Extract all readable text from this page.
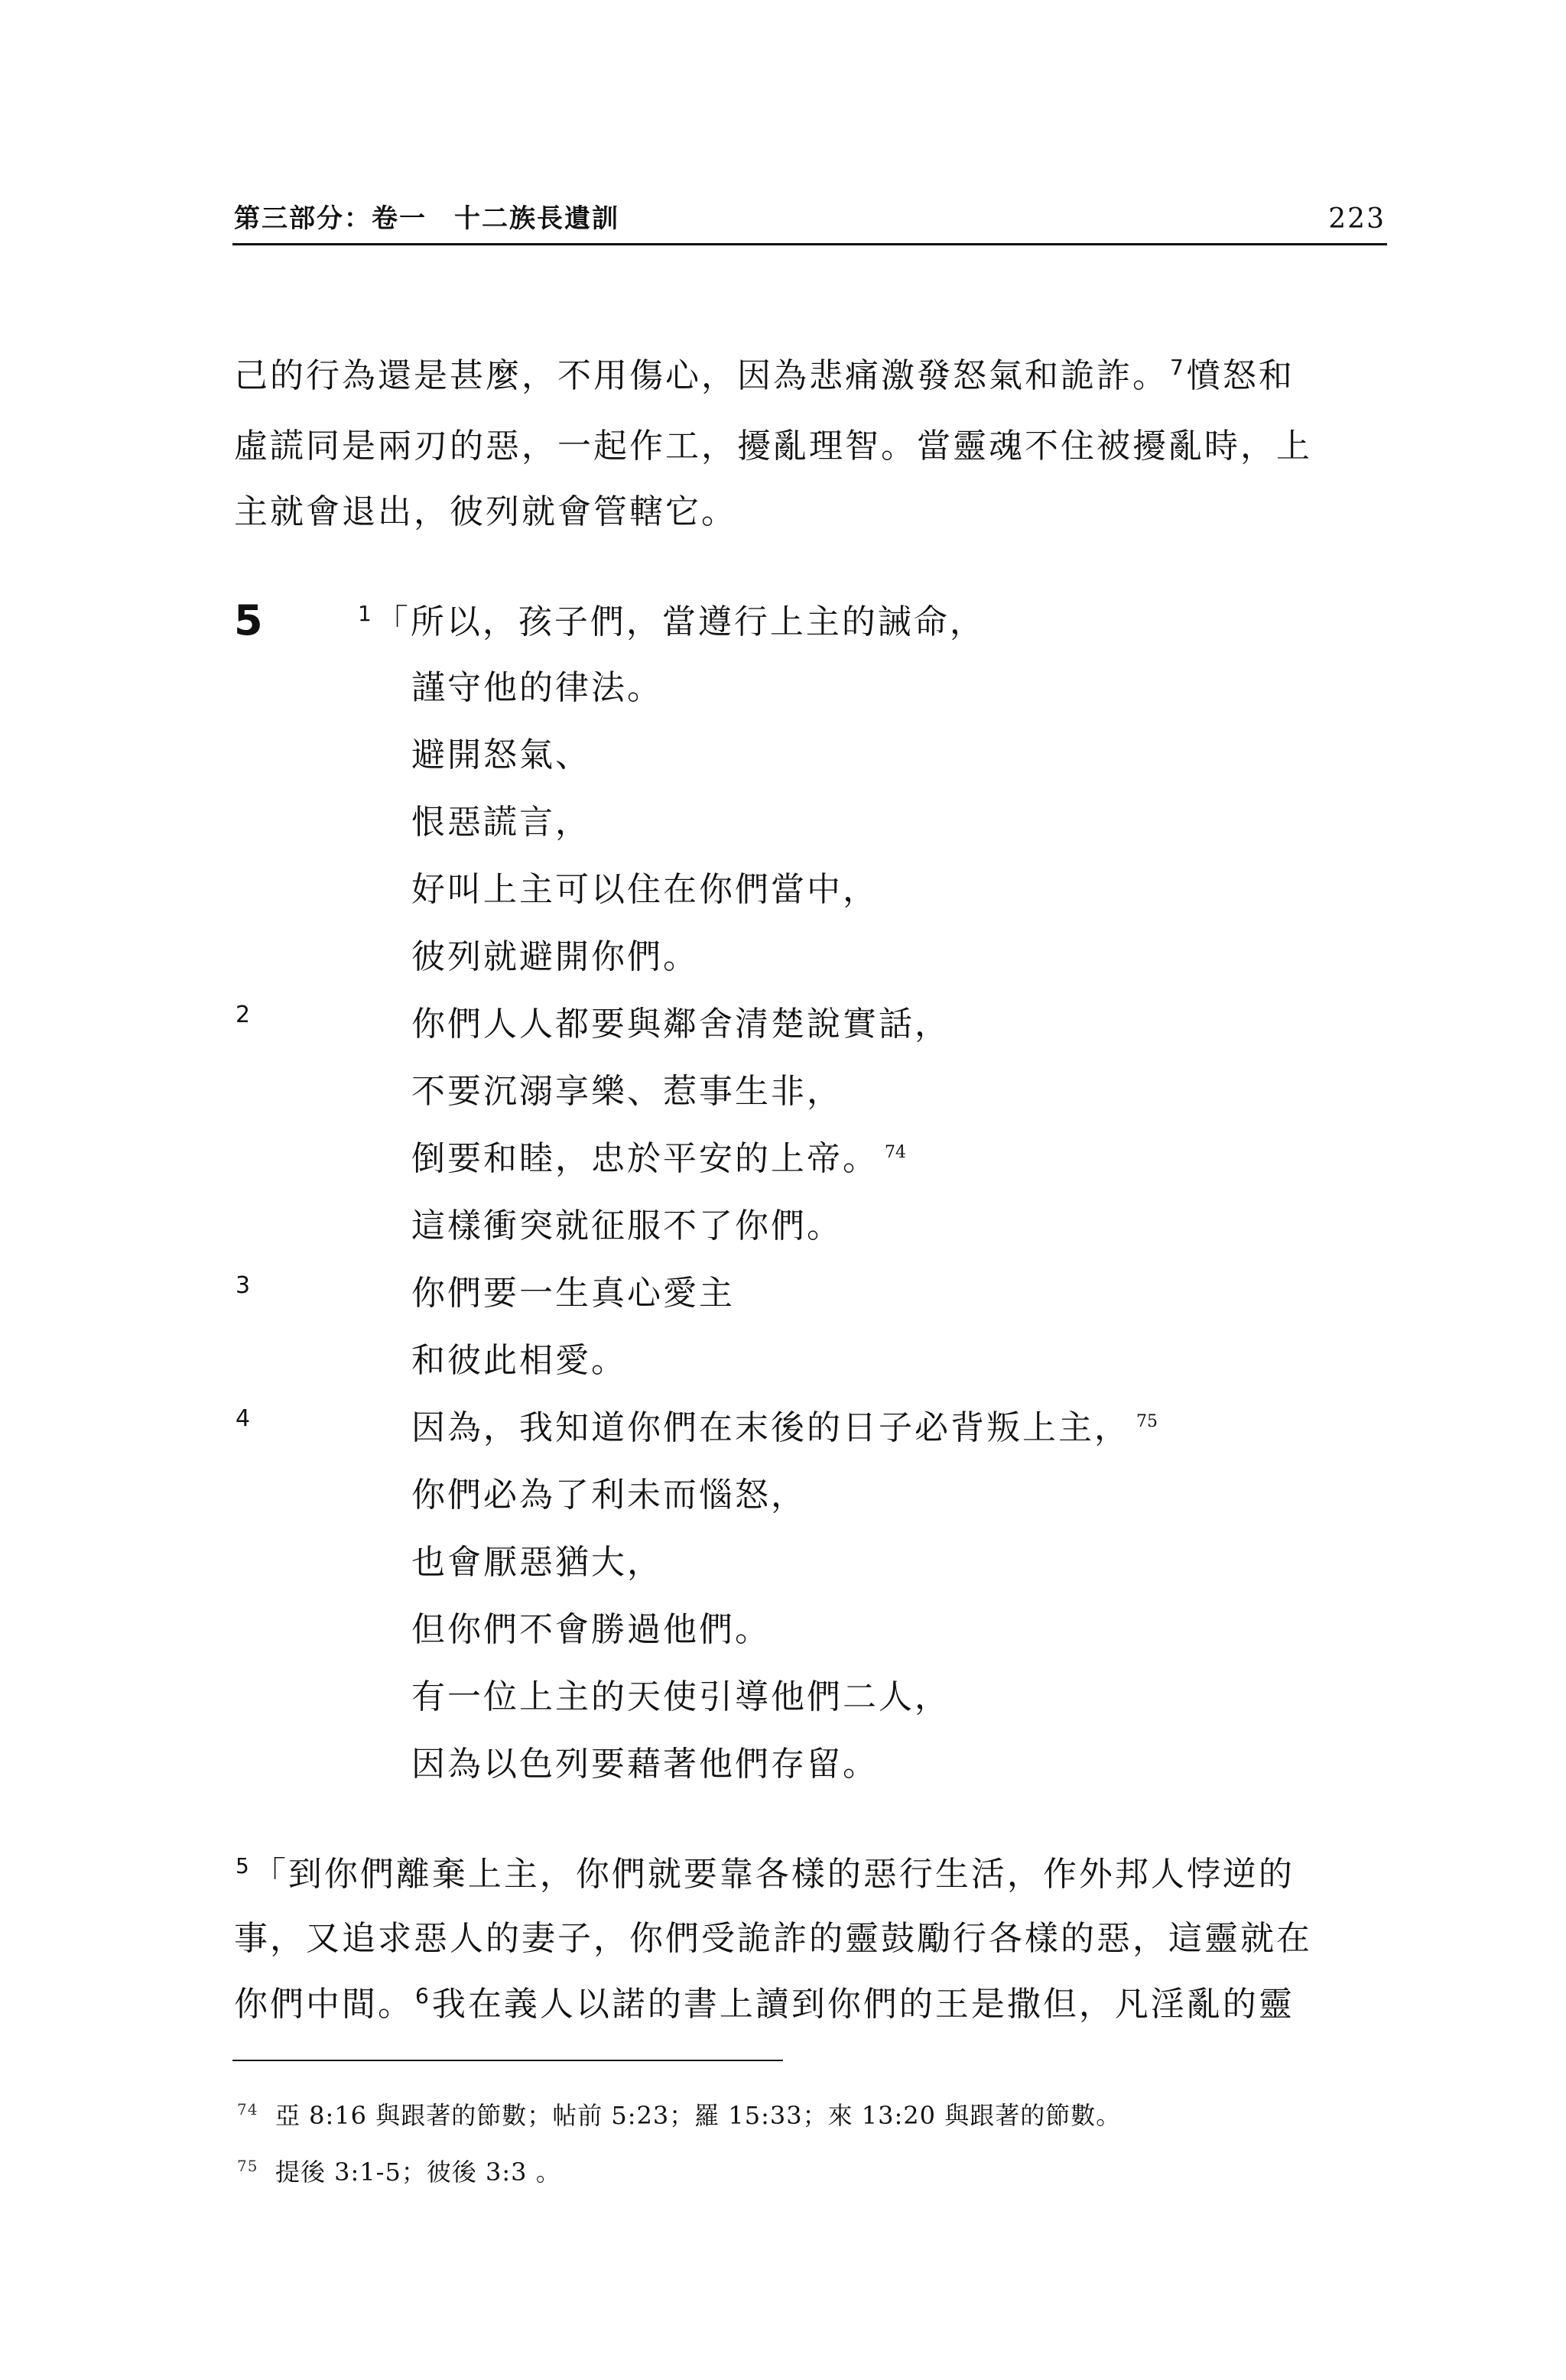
第三部分：卷一　十二族長遺訓	223
己的行為還是甚麼，不用傷心，因為悲痛激發怒氣和詭詐。$^7$憤怒和
虛謊同是兩刃的惡，一起作工，擾亂理智。當靈魂不住被擾亂時，上
主就會退出，彼列就會管轄它。
5	$^1$「所以，孩子們，當遵行上主的誡命，
謹守他的律法。
避開怒氣、
恨惡謊言，
好叫上主可以住在你們當中，
彼列就避開你們。
2	你們人人都要與鄰舍清楚說實話，
不要沉溺享樂、惹事生非，
倒要和睦，忠於平安的上帝。 $^{74}$
這樣衝突就征服不了你們。
3	你們要一生真心愛主
和彼此相愛。
4	因為，我知道你們在末後的日子必背叛上主， $^{75}$
你們必為了利未而惱怒，
也會厭惡猶大，
但你們不會勝過他們。
有一位上主的天使引導他們二人，
因為以色列要藉著他們存留。
$^5$「到你們離棄上主，你們就要靠各樣的惡行生活，作外邦人悖逆的
事，又追求惡人的妻子，你們受詭詐的靈鼓勵行各樣的惡，這靈就在
你們中間。$^6$我在義人以諾的書上讀到你們的王是撒但，凡淫亂的靈
74 亞 8:16 與跟著的節數；帖前 5:23；羅 15:33；來 13:20 與跟著的節數。
75 提後 3:1-5；彼後 3:3 。
